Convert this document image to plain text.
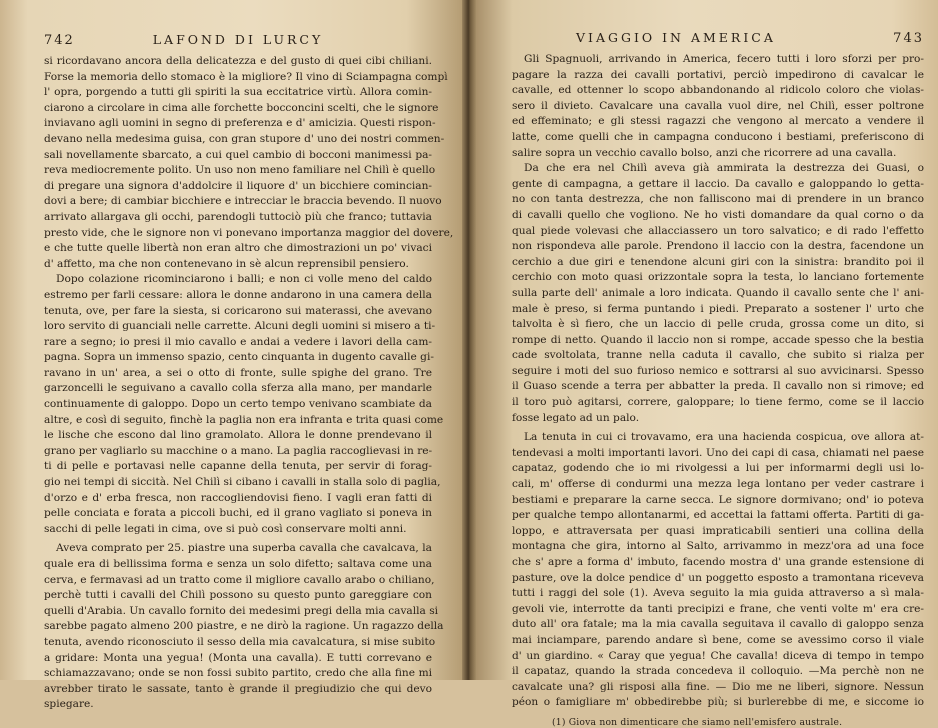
742	LAFOND DI LURCY

si ricordavano ancora della delicatezza e del gusto di quei cibi chiliani.

Forse la memoria dello stomaco è la migliore? Il vino di Sciampagna compì

l' opra, porgendo a tutti gli spiriti la sua eccitatrice virtù. Allora comin-

ciarono a circolare in cima alle forchette bocconcini scelti, che le signore

inviavano agli uomini in segno di preferenza e d' amicizia. Questi rispon-

devano nella medesima guisa, con gran stupore d' uno dei nostri commen-

sali novellamente sbarcato, a cui quel cambio di bocconi manimessi pa-

reva mediocremente polito. Un uso non meno familiare nel Chilì è quello

di pregare una signora d'addolcire il liquore d' un bicchiere comincian-

dovi a bere; di cambiar bicchiere e intrecciar le braccia bevendo. Il nuovo

arrivato allargava gli occhi, parendogli tuttociò più che franco; tuttavia

presto vide, che le signore non vi ponevano importanza maggior del dovere,

e che tutte quelle libertà non eran altro che dimostrazioni un po' vivaci

d' affetto, ma che non contenevano in sè alcun reprensibil pensiero.

Dopo colazione ricominciarono i balli; e non ci volle meno del caldo

estremo per farli cessare: allora le donne andarono in una camera della

tenuta, ove, per fare la siesta, si coricarono sui materassi, che avevano

loro servito di guanciali nelle carrette. Alcuni degli uomini si misero a ti-

rare a segno; io presi il mio cavallo e andai a vedere i lavori della cam-

pagna. Sopra un immenso spazio, cento cinquanta in dugento cavalle gi-

ravano in un' area, a sei o otto di fronte, sulle spighe del grano. Tre

garzoncelli le seguivano a cavallo colla sferza alla mano, per mandarle

continuamente di galoppo. Dopo un certo tempo venivano scambiate da

altre, e così di seguito, finchè la paglia non era infranta e trita quasi come

le lische che escono dal lino gramolato. Allora le donne prendevano il

grano per vagliarlo su macchine o a mano. La paglia raccoglievasi in re-

ti di pelle e portavasi nelle capanne della tenuta, per servir di forag-

gio nei tempi di siccità. Nel Chilì si cibano i cavalli in stalla solo di paglia,

d'orzo e d' erba fresca, non raccogliendovisi fieno. I vagli eran fatti di

pelle conciata e forata a piccoli buchi, ed il grano vagliato si poneva in

sacchi di pelle legati in cima, ove si può così conservare molti anni.

Aveva comprato per 25. piastre una superba cavalla che cavalcava, la

quale era di bellissima forma e senza un solo difetto; saltava come una

cerva, e fermavasi ad un tratto come il migliore cavallo arabo o chiliano,

perchè tutti i cavalli del Chilì possono su questo punto gareggiare con

quelli d'Arabia. Un cavallo fornito dei medesimi pregi della mia cavalla si

sarebbe pagato almeno 200 piastre, e ne dirò la ragione. Un ragazzo della

tenuta, avendo riconosciuto il sesso della mia cavalcatura, si mise subito

a gridare: Monta una yegua! (Monta una cavalla). E tutti correvano e

schiamazzavano; onde se non fossi subito partito, credo che alla fine mi

avrebber tirato le sassate, tanto è grande il pregiudizio che qui devo

spiegare.

VIAGGIO IN AMERICA	743

Gli Spagnuoli, arrivando in America, fecero tutti i loro sforzi per pro-

pagare la razza dei cavalli portativi, perciò impedirono di cavalcar le

cavalle, ed ottenner lo scopo abbandonando al ridicolo coloro che violas-

sero il divieto. Cavalcare una cavalla vuol dire, nel Chilì, esser poltrone

ed effeminato; e gli stessi ragazzi che vengono al mercato a vendere il

latte, come quelli che in campagna conducono i bestiami, preferiscono di

salire sopra un vecchio cavallo bolso, anzi che ricorrere ad una cavalla.

Da che era nel Chilì aveva già ammirata la destrezza dei Guasi, o

gente di campagna, a gettare il laccio. Da cavallo e galoppando lo getta-

no con tanta destrezza, che non falliscono mai di prendere in un branco

di cavalli quello che vogliono. Ne ho visti domandare da qual corno o da

qual piede volevasi che allacciassero un toro salvatico; e di rado l'effetto

non rispondeva alle parole. Prendono il laccio con la destra, facendone un

cerchio a due giri e tenendone alcuni giri con la sinistra: brandito poi il

cerchio con moto quasi orizzontale sopra la testa, lo lanciano fortemente

sulla parte dell' animale a loro indicata. Quando il cavallo sente che l' ani-

male è preso, si ferma puntando i piedi. Preparato a sostener l' urto che

talvolta è sì fiero, che un laccio di pelle cruda, grossa come un dito, si

rompe di netto. Quando il laccio non si rompe, accade spesso che la bestia

cade svoltolata, tranne nella caduta il cavallo, che subito si rialza per

seguire i moti del suo furioso nemico e sottrarsi al suo avvicinarsi. Spesso

il Guaso scende a terra per abbatter la preda. Il cavallo non si rimove; ed

il toro può agitarsi, correre, galoppare; lo tiene fermo, come se il laccio

fosse legato ad un palo.

La tenuta in cui ci trovavamo, era una hacienda cospicua, ove allora at-

tendevasi a molti importanti lavori. Uno dei capi di casa, chiamati nel paese

capataz, godendo che io mi rivolgessi a lui per informarmi degli usi lo-

cali, m' offerse di condurmi una mezza lega lontano per veder castrare i

bestiami e preparare la carne secca. Le signore dormivano; ond' io poteva

per qualche tempo allontanarmi, ed accettai la fattami offerta. Partiti di ga-

loppo, e attraversata per quasi impraticabili sentieri una collina della

montagna che gira, intorno al Salto, arrivammo in mezz'ora ad una foce

che s' apre a forma d' imbuto, facendo mostra d' una grande estensione di

pasture, ove la dolce pendice d' un poggetto esposto a tramontana riceveva

tutti i raggi del sole (1). Aveva seguito la mia guida attraverso a sì mala-

gevoli vie, interrotte da tanti precipizi e frane, che venti volte m' era cre-

duto all' ora fatale; ma la mia cavalla seguitava il cavallo di galoppo senza

mai inciampare, parendo andare sì bene, come se avessimo corso il viale

d' un giardino. « Caray que yegua! Che cavalla! diceva di tempo in tempo

il capataz, quando la strada concedeva il colloquio. —Ma perchè non ne

cavalcate una? gli risposi alla fine. — Dio me ne liberi, signore. Nessun

péon o famigliare m' obbedirebbe più; si burlerebbe di me, e siccome io

(1) Giova non dimenticare che siamo nell'emisfero australe.
